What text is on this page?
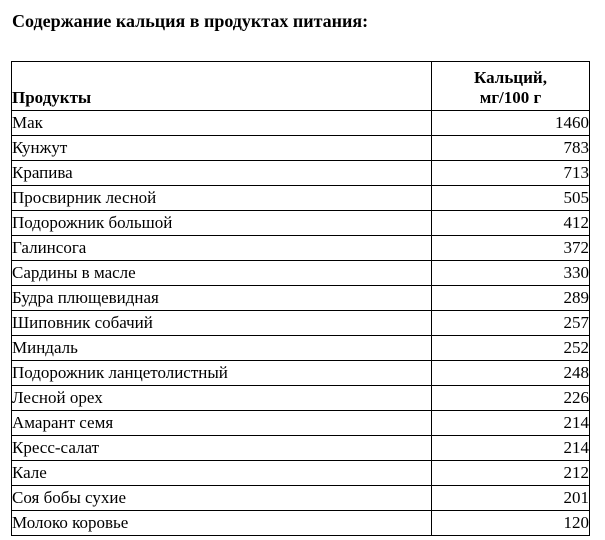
Содержание кальция в продуктах питания:
Продукты	Кальций,
мг/100 г

Мак	1460
Кунжут	783
Крапива	713
Просвирник лесной	505
Подорожник большой	412
Галинсога	372
Сардины в масле	330
Будра плющевидная	289
Шиповник собачий	257
Миндаль	252
Подорожник ланцетолистный	248
Лесной орех	226
Амарант семя	214
Кресс-салат	214
Кале	212
Соя бобы сухие	201
Молоко коровье	120
